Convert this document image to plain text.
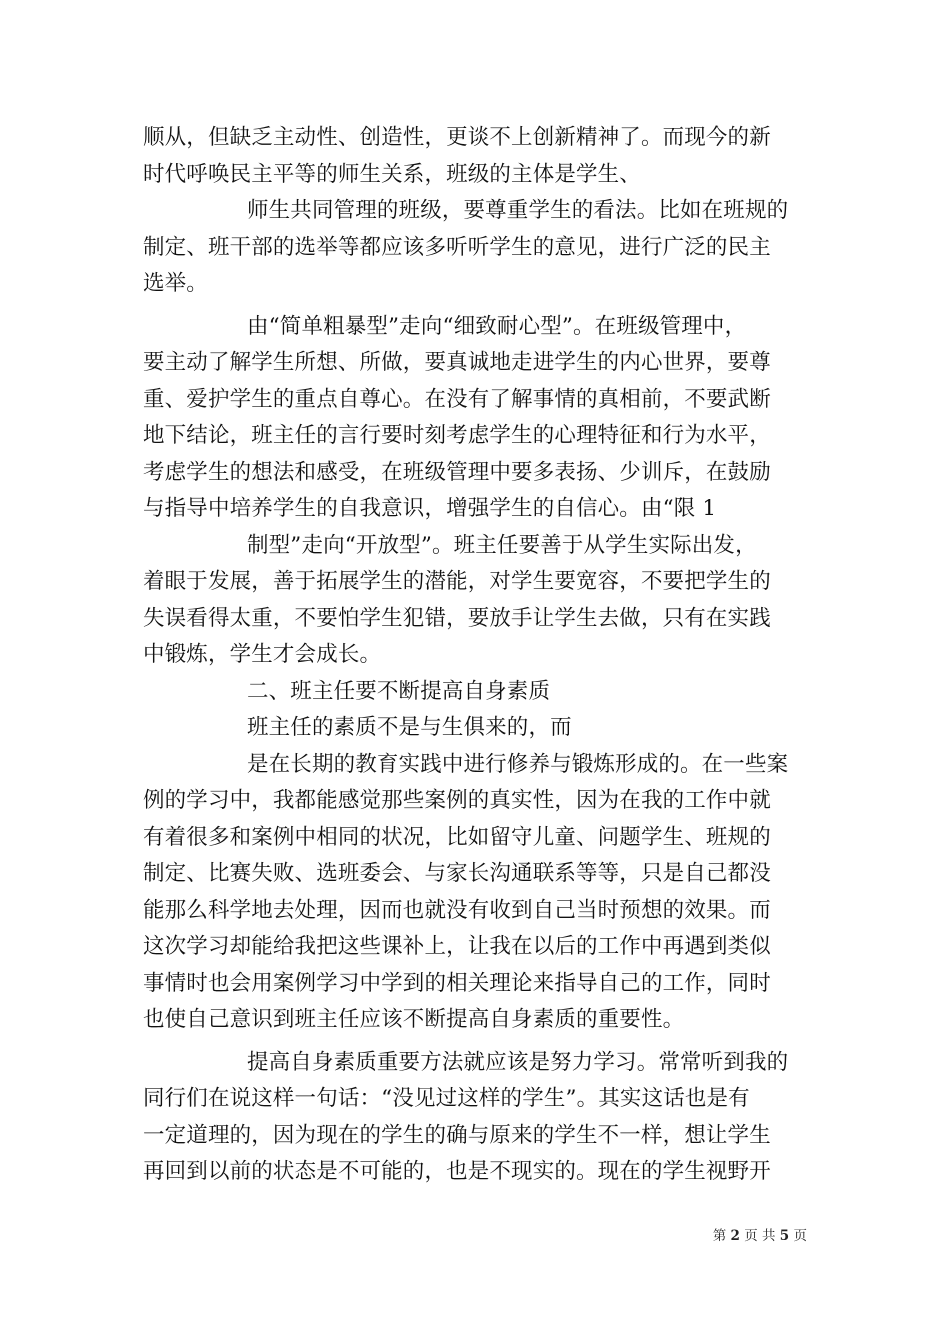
顺从，但缺乏主动性、创造性，更谈不上创新精神了。而现今的新
时代呼唤民主平等的师生关系，班级的主体是学生、
师生共同管理的班级，要尊重学生的看法。比如在班规的
制定、班干部的选举等都应该多听听学生的意见，进行广泛的民主
选举。
由“简单粗暴型”走向“细致耐心型”。在班级管理中，
要主动了解学生所想、所做，要真诚地走进学生的内心世界，要尊
重、爱护学生的重点自尊心。在没有了解事情的真相前，不要武断
地下结论，班主任的言行要时刻考虑学生的心理特征和行为水平，
考虑学生的想法和感受，在班级管理中要多表扬、少训斥，在鼓励
与指导中培养学生的自我意识，增强学生的自信心。由“限 1
制型”走向“开放型”。班主任要善于从学生实际出发，
着眼于发展，善于拓展学生的潜能，对学生要宽容，不要把学生的
失误看得太重，不要怕学生犯错，要放手让学生去做，只有在实践
中锻炼，学生才会成长。
二、班主任要不断提高自身素质
班主任的素质不是与生俱来的，而
是在长期的教育实践中进行修养与锻炼形成的。在一些案
例的学习中，我都能感觉那些案例的真实性，因为在我的工作中就
有着很多和案例中相同的状况，比如留守儿童、问题学生、班规的
制定、比赛失败、选班委会、与家长沟通联系等等，只是自己都没
能那么科学地去处理，因而也就没有收到自己当时预想的效果。而
这次学习却能给我把这些课补上，让我在以后的工作中再遇到类似
事情时也会用案例学习中学到的相关理论来指导自己的工作，同时
也使自己意识到班主任应该不断提高自身素质的重要性。
提高自身素质重要方法就应该是努力学习。常常听到我的
同行们在说这样一句话：“没见过这样的学生”。其实这话也是有
一定道理的，因为现在的学生的确与原来的学生不一样，想让学生
再回到以前的状态是不可能的，也是不现实的。现在的学生视野开
第 2 页 共 5 页
